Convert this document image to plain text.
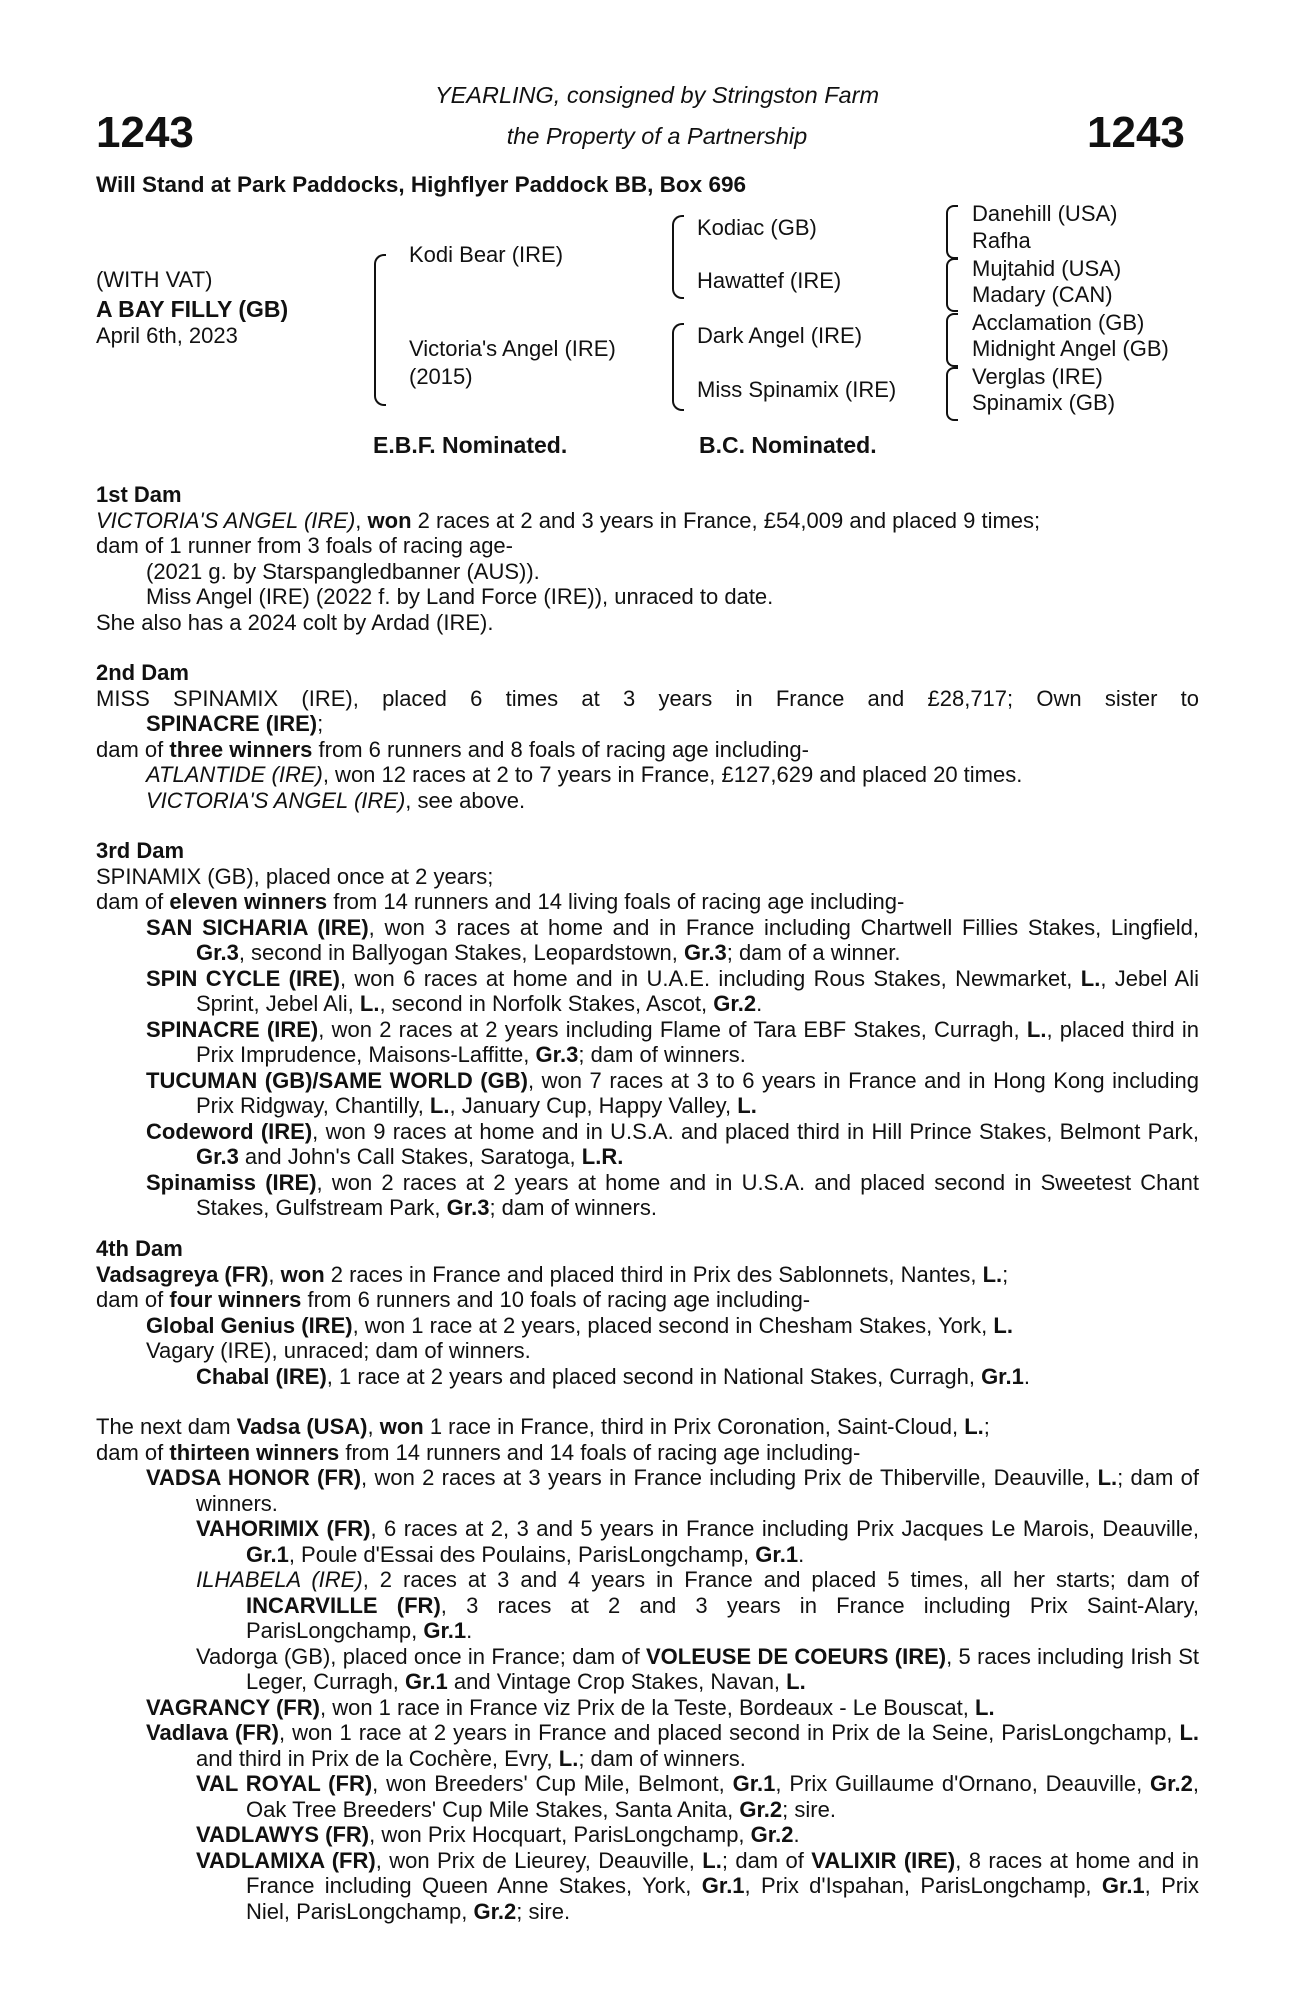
1243	1243
YEARLING, consigned by Stringston Farm
the Property of a Partnership
Will Stand at Park Paddocks, Highflyer Paddock BB, Box 696
(WITH VAT)
A BAY FILLY (GB)
April 6th, 2023
Kodi Bear (IRE)
Victoria's Angel (IRE)
(2015)
Kodiac (GB)
Hawattef (IRE)
Dark Angel (IRE)
Miss Spinamix (IRE)
Danehill (USA)
Rafha
Mujtahid (USA)
Madary (CAN)
Acclamation (GB)
Midnight Angel (GB)
Verglas (IRE)
Spinamix (GB)
E.B.F. Nominated.	B.C. Nominated.
1st Dam
VICTORIA'S ANGEL (IRE), won 2 races at 2 and 3 years in France, £54,009 and placed 9 times;
dam of 1 runner from 3 foals of racing age-
(2021 g. by Starspangledbanner (AUS)).
Miss Angel (IRE) (2022 f. by Land Force (IRE)), unraced to date.
She also has a 2024 colt by Ardad (IRE).
2nd Dam
MISS SPINAMIX (IRE), placed 6 times at 3 years in France and £28,717; Own sister to
SPINACRE (IRE);
dam of three winners from 6 runners and 8 foals of racing age including-
ATLANTIDE (IRE), won 12 races at 2 to 7 years in France, £127,629 and placed 20 times.
VICTORIA'S ANGEL (IRE), see above.
3rd Dam
SPINAMIX (GB), placed once at 2 years;
dam of eleven winners from 14 runners and 14 living foals of racing age including-
SAN SICHARIA (IRE), won 3 races at home and in France including Chartwell Fillies Stakes, Lingfield, Gr.3, second in Ballyogan Stakes, Leopardstown, Gr.3; dam of a winner.
SPIN CYCLE (IRE), won 6 races at home and in U.A.E. including Rous Stakes, Newmarket, L., Jebel Ali Sprint, Jebel Ali, L., second in Norfolk Stakes, Ascot, Gr.2.
SPINACRE (IRE), won 2 races at 2 years including Flame of Tara EBF Stakes, Curragh, L., placed third in Prix Imprudence, Maisons-Laffitte, Gr.3; dam of winners.
TUCUMAN (GB)/SAME WORLD (GB), won 7 races at 3 to 6 years in France and in Hong Kong including Prix Ridgway, Chantilly, L., January Cup, Happy Valley, L.
Codeword (IRE), won 9 races at home and in U.S.A. and placed third in Hill Prince Stakes, Belmont Park, Gr.3 and John's Call Stakes, Saratoga, L.R.
Spinamiss (IRE), won 2 races at 2 years at home and in U.S.A. and placed second in Sweetest Chant Stakes, Gulfstream Park, Gr.3; dam of winners.
4th Dam
Vadsagreya (FR), won 2 races in France and placed third in Prix des Sablonnets, Nantes, L.;
dam of four winners from 6 runners and 10 foals of racing age including-
Global Genius (IRE), won 1 race at 2 years, placed second in Chesham Stakes, York, L.
Vagary (IRE), unraced; dam of winners.
Chabal (IRE), 1 race at 2 years and placed second in National Stakes, Curragh, Gr.1.
The next dam Vadsa (USA), won 1 race in France, third in Prix Coronation, Saint-Cloud, L.;
dam of thirteen winners from 14 runners and 14 foals of racing age including-
VADSA HONOR (FR), won 2 races at 3 years in France including Prix de Thiberville, Deauville, L.; dam of winners.
VAHORIMIX (FR), 6 races at 2, 3 and 5 years in France including Prix Jacques Le Marois, Deauville, Gr.1, Poule d'Essai des Poulains, ParisLongchamp, Gr.1.
ILHABELA (IRE), 2 races at 3 and 4 years in France and placed 5 times, all her starts; dam of INCARVILLE (FR), 3 races at 2 and 3 years in France including Prix Saint-Alary, ParisLongchamp, Gr.1.
Vadorga (GB), placed once in France; dam of VOLEUSE DE COEURS (IRE), 5 races including Irish St Leger, Curragh, Gr.1 and Vintage Crop Stakes, Navan, L.
VAGRANCY (FR), won 1 race in France viz Prix de la Teste, Bordeaux - Le Bouscat, L.
Vadlava (FR), won 1 race at 2 years in France and placed second in Prix de la Seine, ParisLongchamp, L. and third in Prix de la Cochère, Evry, L.; dam of winners.
VAL ROYAL (FR), won Breeders' Cup Mile, Belmont, Gr.1, Prix Guillaume d'Ornano, Deauville, Gr.2, Oak Tree Breeders' Cup Mile Stakes, Santa Anita, Gr.2; sire.
VADLAWYS (FR), won Prix Hocquart, ParisLongchamp, Gr.2.
VADLAMIXA (FR), won Prix de Lieurey, Deauville, L.; dam of VALIXIR (IRE), 8 races at home and in France including Queen Anne Stakes, York, Gr.1, Prix d'Ispahan, ParisLongchamp, Gr.1, Prix Niel, ParisLongchamp, Gr.2; sire.
